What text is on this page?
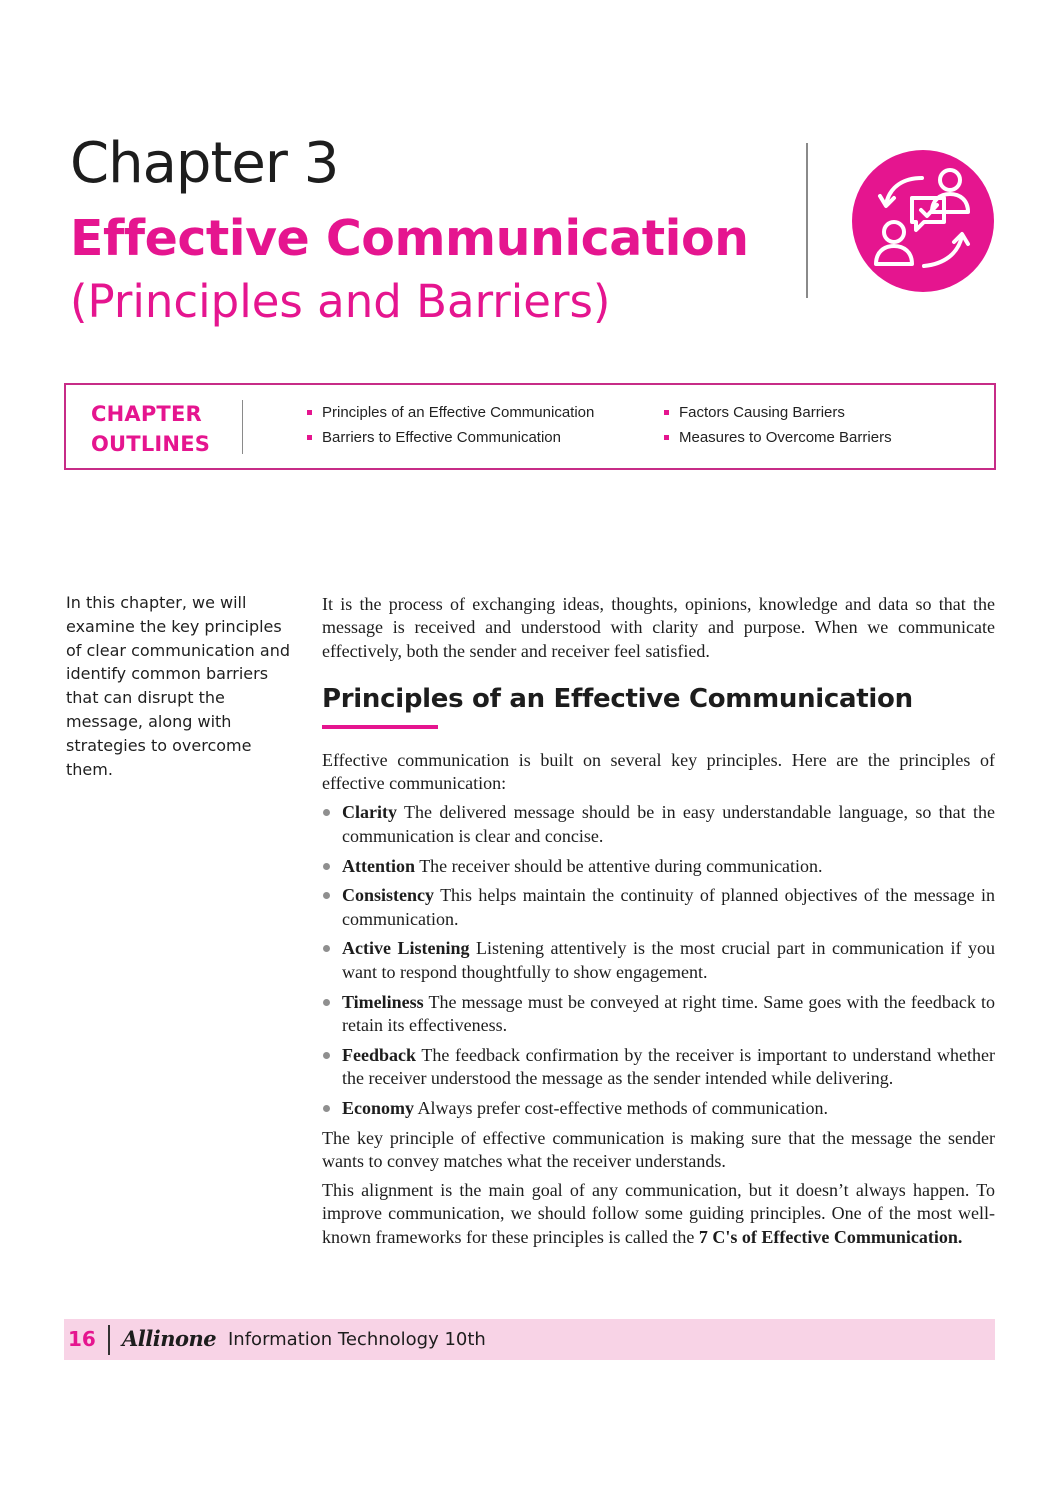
Chapter 3
Effective Communication
(Principles and Barriers)
CHAPTER
OUTLINES
Principles of an Effective Communication
Barriers to Effective Communication
Factors Causing Barriers
Measures to Overcome Barriers
In this chapter, we will examine the key principles of clear communication and identify common barriers that can disrupt the message, along with strategies to overcome them.

It is the process of exchanging ideas, thoughts, opinions, knowledge and data so that the message is received and understood with clarity and purpose. When we communicate effectively, both the sender and receiver feel satisfied.

Principles of an Effective Communication

Effective communication is built on several key principles. Here are the principles of effective communication:

Clarity The delivered message should be in easy understandable language, so that the communication is clear and concise.
Attention The receiver should be attentive during communication.
Consistency This helps maintain the continuity of planned objectives of the message in communication.
Active Listening Listening attentively is the most crucial part in communication if you want to respond thoughtfully to show engagement.
Timeliness The message must be conveyed at right time. Same goes with the feedback to retain its effectiveness.
Feedback The feedback confirmation by the receiver is important to understand whether the receiver understood the message as the sender intended while delivering.
Economy Always prefer cost-effective methods of communication.

The key principle of effective communication is making sure that the message the sender wants to convey matches what the receiver understands.

This alignment is the main goal of any communication, but it doesn’t always happen. To improve communication, we should follow some guiding principles. One of the most well-known frameworks for these principles is called the 7 C's of Effective Communication.

16 Allinone Information Technology 10th
